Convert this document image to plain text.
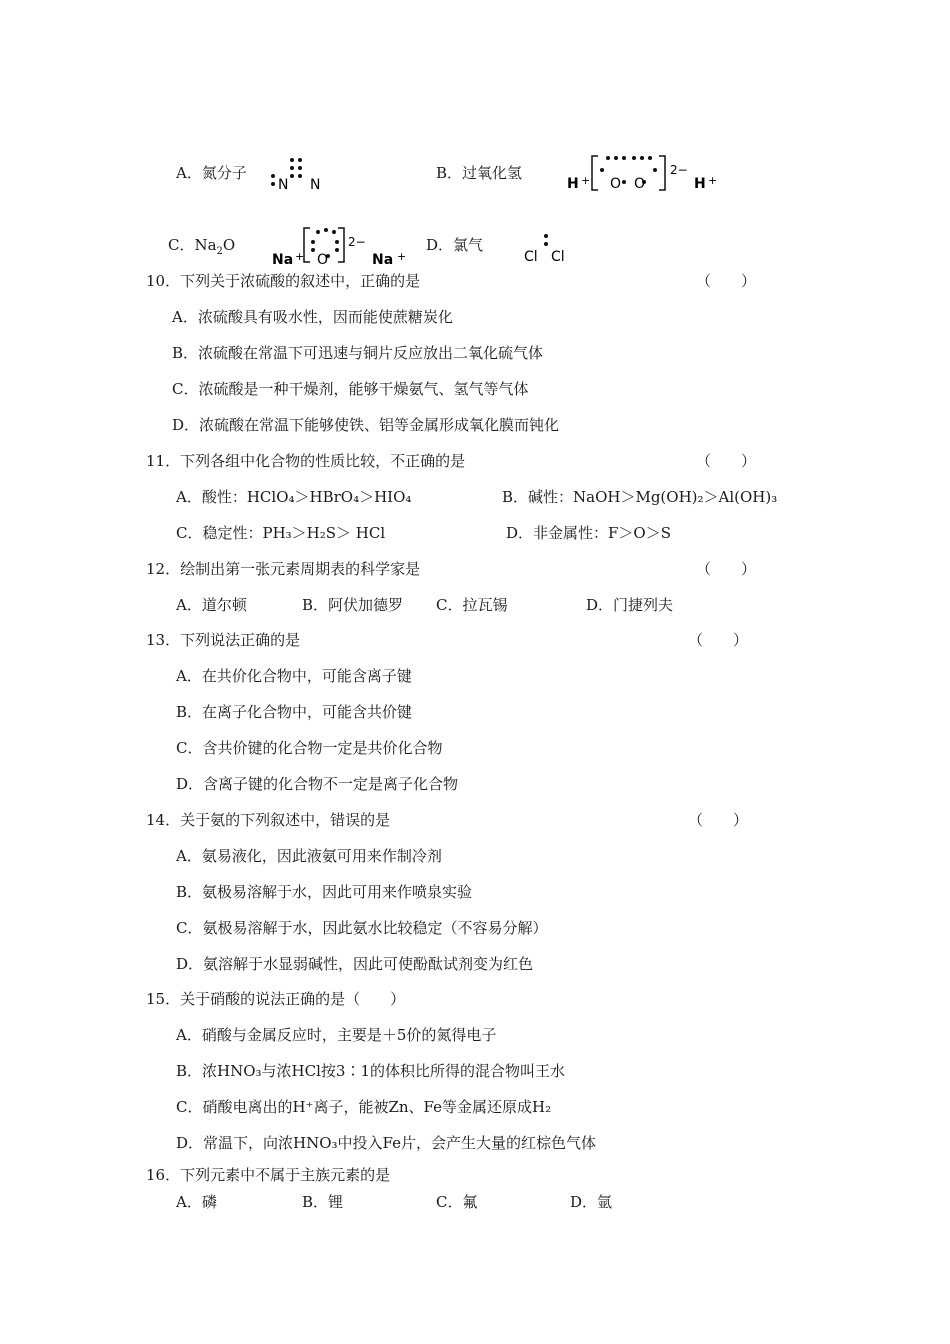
A．氮分子
N N
B．过氧化氢
H + O O
2−
H +
C．$Na_2O$
Na + O
2−
Na +
D．氯气
Cl Cl
10．下列关于浓硫酸的叙述中，正确的是	（　　）
A．浓硫酸具有吸水性，因而能使蔗糖炭化
B．浓硫酸在常温下可迅速与铜片反应放出二氧化硫气体
C．浓硫酸是一种干燥剂，能够干燥氨气、氢气等气体
D．浓硫酸在常温下能够使铁、铝等金属形成氧化膜而钝化
11．下列各组中化合物的性质比较，不正确的是	（　　）
A．酸性：HClO₄＞HBrO₄＞HIO₄	B．碱性：NaOH＞Mg(OH)₂＞Al(OH)₃
C．稳定性：PH₃＞H₂S＞ HCl	D．非金属性：F＞O＞S
12．绘制出第一张元素周期表的科学家是	（　　）
A．道尔顿	B．阿伏加德罗 C．拉瓦锡	D．门捷列夫
13．下列说法正确的是	（　　）
A．在共价化合物中，可能含离子键
B．在离子化合物中，可能含共价键
C．含共价键的化合物一定是共价化合物
D．含离子键的化合物不一定是离子化合物
14．关于氨的下列叙述中，错误的是	（　　）
A．氨易液化，因此液氨可用来作制冷剂
B．氨极易溶解于水，因此可用来作喷泉实验
C．氨极易溶解于水，因此氨水比较稳定（不容易分解）
D．氨溶解于水显弱碱性，因此可使酚酞试剂变为红色
15．关于硝酸的说法正确的是（　　）
A．硝酸与金属反应时，主要是＋5价的氮得电子
B．浓HNO₃与浓HCl按3∶1的体积比所得的混合物叫王水
C．硝酸电离出的H⁺离子，能被Zn、Fe等金属还原成H₂
D．常温下，向浓HNO₃中投入Fe片，会产生大量的红棕色气体
16．下列元素中不属于主族元素的是
A．磷	B．锂	C．氟	D．氩
